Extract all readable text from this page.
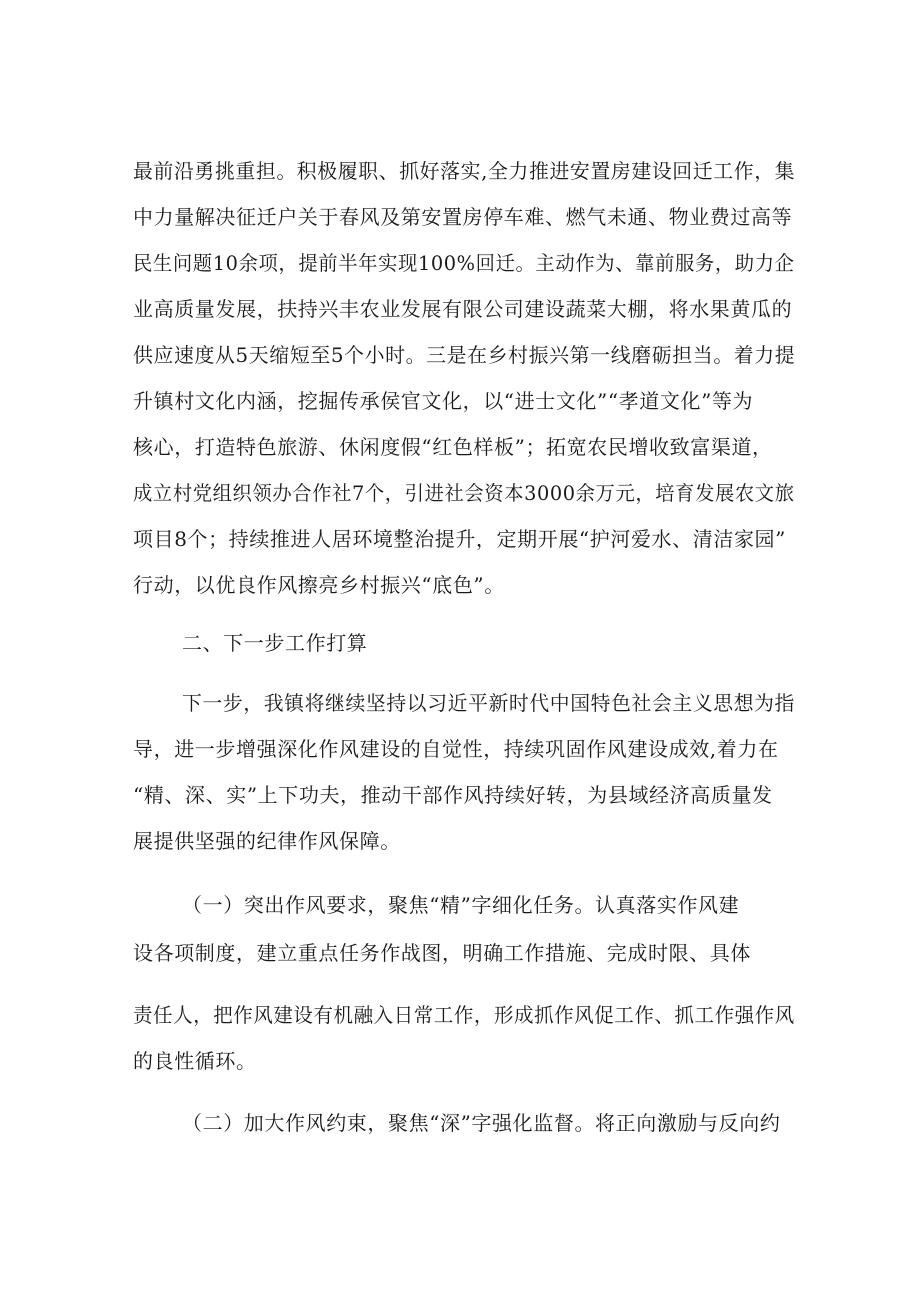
最前沿勇挑重担。积极履职、抓好落实,全力推进安置房建设回迁工作，集
中力量解决征迁户关于春风及第安置房停车难、燃气未通、物业费过高等
民生问题10余项，提前半年实现100%回迁。主动作为、靠前服务，助力企
业高质量发展，扶持兴丰农业发展有限公司建设蔬菜大棚，将水果黄瓜的
供应速度从5天缩短至5个小时。三是在乡村振兴第一线磨砺担当。着力提
升镇村文化内涵，挖掘传承侯官文化，以“进士文化”“孝道文化”等为
核心，打造特色旅游、休闲度假“红色样板”；拓宽农民增收致富渠道，
成立村党组织领办合作社7个，引进社会资本3000余万元，培育发展农文旅
项目8个；持续推进人居环境整治提升，定期开展“护河爱水、清洁家园”
行动，以优良作风擦亮乡村振兴“底色”。
二、下一步工作打算
下一步，我镇将继续坚持以习近平新时代中国特色社会主义思想为指
导，进一步增强深化作风建设的自觉性，持续巩固作风建设成效,着力在
“精、深、实”上下功夫，推动干部作风持续好转，为县域经济高质量发
展提供坚强的纪律作风保障。
（一）突出作风要求，聚焦“精”字细化任务。认真落实作风建
设各项制度，建立重点任务作战图，明确工作措施、完成时限、具体
责任人，把作风建设有机融入日常工作，形成抓作风促工作、抓工作强作风
的良性循环。
（二）加大作风约束，聚焦“深”字强化监督。将正向激励与反向约
